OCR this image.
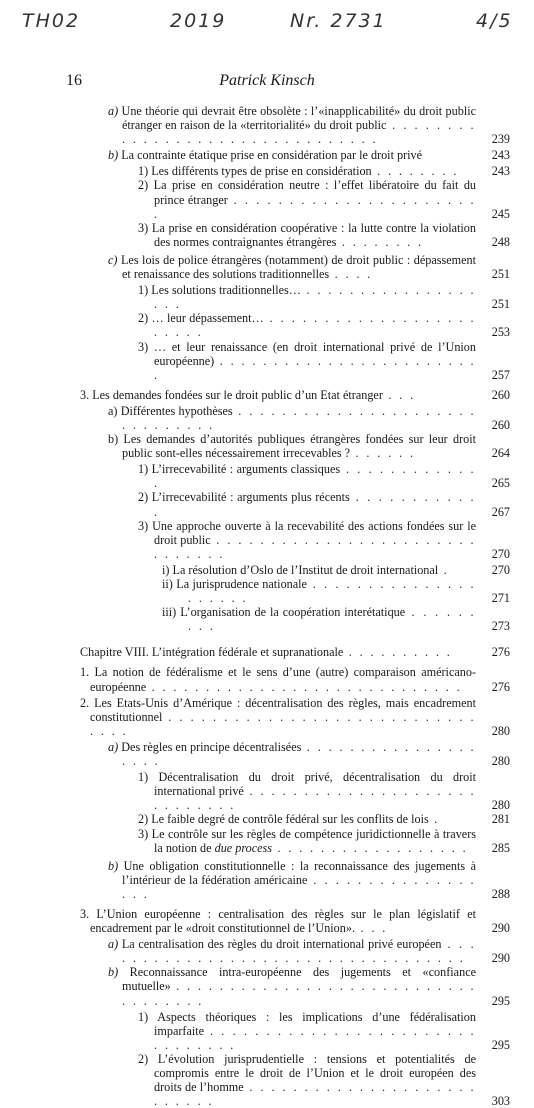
TH02	2019	Nr. 2731	4/5
16	Patrick Kinsch
a) Une théorie qui devrait être obsolète : l’«inapplicabilité» du droit public étranger en raison de la «territorialité» du droit public . . . . . . . . . . . . . . . . . . . . . . . . . . . . . . . .	239
b) La contrainte étatique prise en considération par le droit privé	243
1) Les différents types de prise en considération . . . . . . . .	243
2) La prise en considération neutre : l’effet libératoire du fait du prince étranger . . . . . . . . . . . . . . . . . . . . . . .	245
3) La prise en considération coopérative : la lutte contre la violation des normes contraignantes étrangères . . . . . . . .	248
c) Les lois de police étrangères (notamment) de droit public : dépassement et renaissance des solutions traditionnelles . . . .	251
1) Les solutions traditionnelles… . . . . . . . . . . . . . . . . . . .	251
2) … leur dépassement… . . . . . . . . . . . . . . . . . . . . . . . .	253
3) … et leur renaissance (en droit international privé de l’Union européenne) . . . . . . . . . . . . . . . . . . . . . . . . .	257
3. Les demandes fondées sur le droit public d’un Etat étranger . . .	260
a) Différentes hypothèses . . . . . . . . . . . . . . . . . . . . . . . . . . . . . . .	260
b) Les demandes d’autorités publiques étrangères fondées sur leur droit public sont-elles nécessairement irrecevables ? . . . . . .	264
1) L’irrecevabilité : arguments classiques . . . . . . . . . . . . .	265
2) L’irrecevabilité : arguments plus récents . . . . . . . . . . . .	267
3) Une approche ouverte à la recevabilité des actions fondées sur le droit public . . . . . . . . . . . . . . . . . . . . . . . . . . . . . . .	270
i) La résolution d’Oslo de l’Institut de droit international .	270
ii) La jurisprudence nationale . . . . . . . . . . . . . . . . . . . . .	271
iii) L’organisation de la coopération interétatique . . . . . . . . .	273
Chapitre VIII. L’intégration fédérale et supranationale . . . . . . . . . .	276
1. La notion de fédéralisme et le sens d’une (autre) comparaison américano-européenne . . . . . . . . . . . . . . . . . . . . . . . . . . . . .	276
2. Les Etats-Unis d’Amérique : décentralisation des règles, mais encadrement constitutionnel . . . . . . . . . . . . . . . . . . . . . . . . . . . . . . . .	280
a) Des règles en principe décentralisées . . . . . . . . . . . . . . . . . . . .	280
1) Décentralisation du droit privé, décentralisation du droit international privé . . . . . . . . . . . . . . . . . . . . . . . . . . . . .	280
2) Le faible degré de contrôle fédéral sur les conflits de lois .	281
3) Le contrôle sur les règles de compétence juridictionnelle à travers la notion de due process . . . . . . . . . . . . . . . . . .	285
b) Une obligation constitutionnelle : la reconnaissance des jugements à l’intérieur de la fédération américaine . . . . . . . . . . . . . . . . . .	288
3. L’Union européenne : centralisation des règles sur le plan législatif et encadrement par le «droit constitutionnel de l’Union». . . .	290
a) La centralisation des règles du droit international privé européen . . . . . . . . . . . . . . . . . . . . . . . . . . . . . . . . . . .	290
b) Reconnaissance intra-européenne des jugements et «confiance mutuelle» . . . . . . . . . . . . . . . . . . . . . . . . . . . . . . . . . . . .	295
1) Aspects théoriques : les implications d’une fédéralisation imparfaite . . . . . . . . . . . . . . . . . . . . . . . . . . . . . . . .	295
2) L’évolution jurisprudentielle : tensions et potentialités de compromis entre le droit de l’Union et le droit européen des droits de l’homme . . . . . . . . . . . . . . . . . . . . . . . . . . .	303
